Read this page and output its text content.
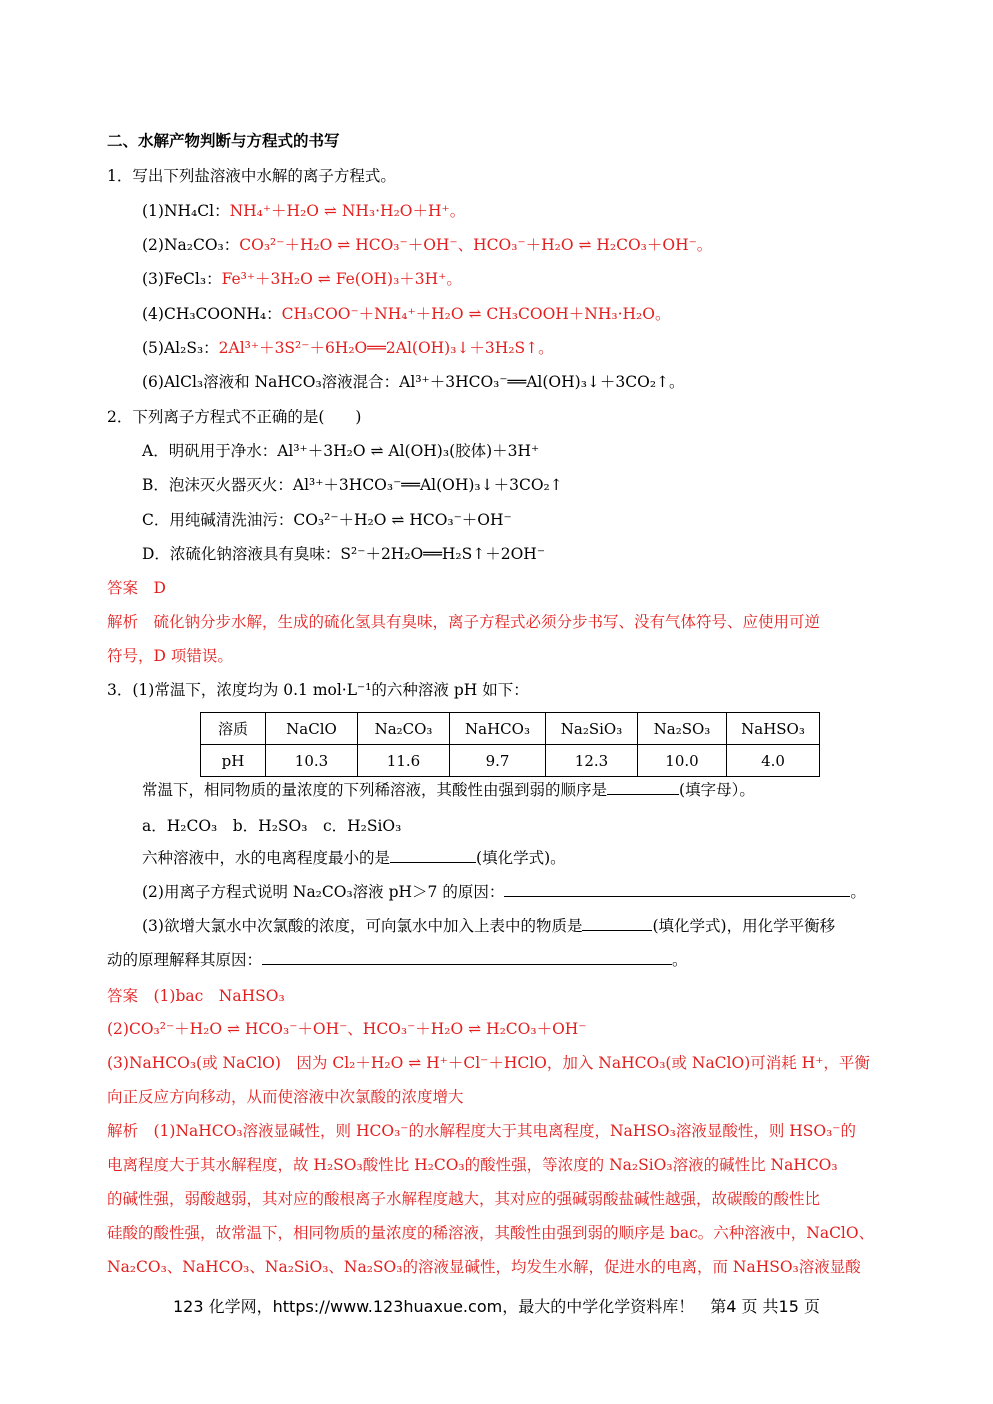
二、水解产物判断与方程式的书写
1．写出下列盐溶液中水解的离子方程式。
(1)NH₄Cl：NH₄⁺＋H₂O ⇌ NH₃·H₂O＋H⁺。
(2)Na₂CO₃：CO₃²⁻＋H₂O ⇌ HCO₃⁻＋OH⁻、HCO₃⁻＋H₂O ⇌ H₂CO₃＋OH⁻。
(3)FeCl₃：Fe³⁺＋3H₂O ⇌ Fe(OH)₃＋3H⁺。
(4)CH₃COONH₄：CH₃COO⁻＋NH₄⁺＋H₂O ⇌ CH₃COOH＋NH₃·H₂O。
(5)Al₂S₃：2Al³⁺＋3S²⁻＋6H₂O══2Al(OH)₃↓＋3H₂S↑。
(6)AlCl₃溶液和 NaHCO₃溶液混合：Al³⁺＋3HCO₃⁻══Al(OH)₃↓＋3CO₂↑。
2．下列离子方程式不正确的是(　　)
A．明矾用于净水：Al³⁺＋3H₂O ⇌ Al(OH)₃(胶体)＋3H⁺
B．泡沫灭火器灭火：Al³⁺＋3HCO₃⁻══Al(OH)₃↓＋3CO₂↑
C．用纯碱清洗油污：CO₃²⁻＋H₂O ⇌ HCO₃⁻＋OH⁻
D．浓硫化钠溶液具有臭味：S²⁻＋2H₂O══H₂S↑＋2OH⁻
答案　D
解析　硫化钠分步水解，生成的硫化氢具有臭味，离子方程式必须分步书写、没有气体符号、应使用可逆
符号，D 项错误。
3．(1)常温下，浓度均为 0.1 mol·L⁻¹的六种溶液 pH 如下：
溶质	NaClO	Na₂CO₃	NaHCO₃	Na₂SiO₃	Na₂SO₃	NaHSO₃
pH	10.3	11.6	9.7	12.3	10.0	4.0
常温下，相同物质的量浓度的下列稀溶液，其酸性由强到弱的顺序是	(填字母）。
a．H₂CO₃　b．H₂SO₃　c．H₂SiO₃
六种溶液中，水的电离程度最小的是	(填化学式)。
(2)用离子方程式说明 Na₂CO₃溶液 pH＞7 的原因：	。
(3)欲增大氯水中次氯酸的浓度，可向氯水中加入上表中的物质是	(填化学式)，用化学平衡移
动的原理解释其原因：	。
答案　(1)bac　NaHSO₃
(2)CO₃²⁻＋H₂O ⇌ HCO₃⁻＋OH⁻、HCO₃⁻＋H₂O ⇌ H₂CO₃＋OH⁻
(3)NaHCO₃(或 NaClO)　因为 Cl₂＋H₂O ⇌ H⁺＋Cl⁻＋HClO，加入 NaHCO₃(或 NaClO)可消耗 H⁺，平衡
向正反应方向移动，从而使溶液中次氯酸的浓度增大
解析　(1)NaHCO₃溶液显碱性，则 HCO₃⁻的水解程度大于其电离程度，NaHSO₃溶液显酸性，则 HSO₃⁻的
电离程度大于其水解程度，故 H₂SO₃酸性比 H₂CO₃的酸性强，等浓度的 Na₂SiO₃溶液的碱性比 NaHCO₃
的碱性强，弱酸越弱，其对应的酸根离子水解程度越大，其对应的强碱弱酸盐碱性越强，故碳酸的酸性比
硅酸的酸性强，故常温下，相同物质的量浓度的稀溶液，其酸性由强到弱的顺序是 bac。六种溶液中，NaClO、
Na₂CO₃、NaHCO₃、Na₂SiO₃、Na₂SO₃的溶液显碱性，均发生水解，促进水的电离，而 NaHSO₃溶液显酸
123 化学网，https://www.123huaxue.com，最大的中学化学资料库！　第4 页 共15 页
